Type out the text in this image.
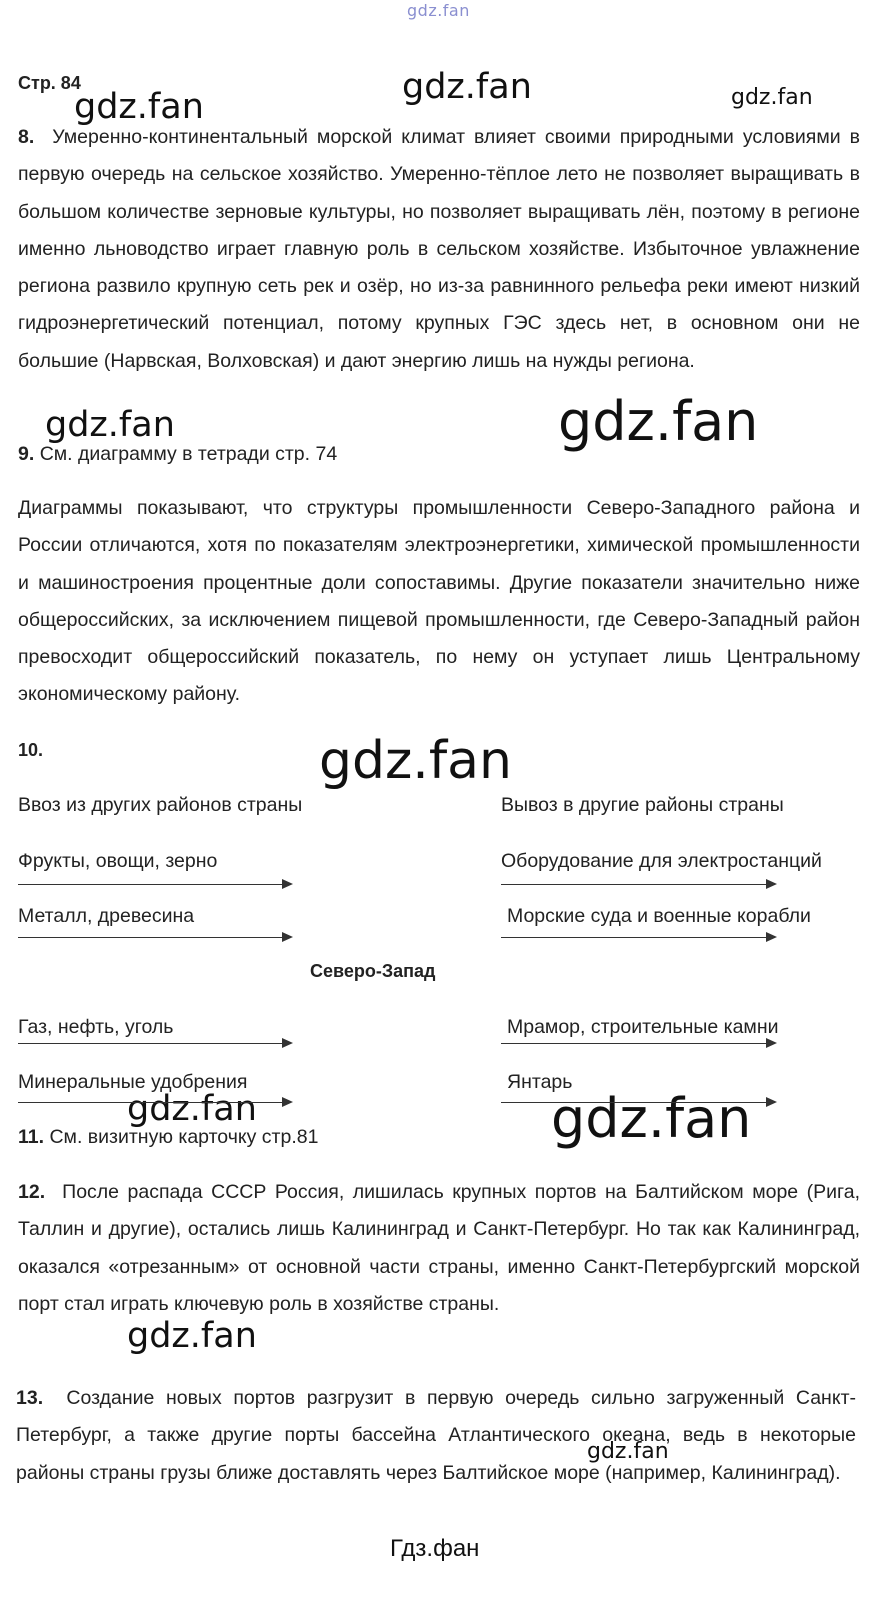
gdz.fan
Стр. 84
gdz.fan	gdz.fan	gdz.fan
gdz.fan	gdz.fan
gdz.fan
gdz.fan	gdz.fan
gdz.fan
gdz.fan
8. Умеренно-континентальный морской климат влияет своими природными условиями в первую очередь на сельское хозяйство. Умеренно-тёплое лето не позволяет выращивать в большом количестве зерновые культуры, но позволяет выращивать лён, поэтому в регионе именно льноводство играет главную роль в сельском хозяйстве. Избыточное увлажнение региона развило крупную сеть рек и озёр, но из-за равнинного рельефа реки имеют низкий гидроэнергетический потенциал, потому крупных ГЭС здесь нет, в основном они не большие (Нарвская, Волховская) и дают энергию лишь на нужды региона.
9. См. диаграмму в тетради стр. 74
Диаграммы показывают, что структуры промышленности Северо-Западного района и России отличаются, хотя по показателям электроэнергетики, химической промышленности и машиностроения процентные доли сопоставимы. Другие показатели значительно ниже общероссийских, за исключением пищевой промышленности, где Северо-Западный район превосходит общероссийский показатель, по нему он уступает лишь Центральному экономическому району.
10.
Ввоз из других районов страны	Вывоз в другие районы страны
Фрукты, овощи, зерно	Оборудование для электростанций
Металл, древесина	Морские суда и военные корабли
Северо-Запад
Газ, нефть, уголь	Мрамор, строительные камни
Минеральные удобрения	Янтарь
11. См. визитную карточку стр.81
12. После распада СССР Россия, лишилась крупных портов на Балтийском море (Рига, Таллин и другие), остались лишь Калининград и Санкт-Петербург. Но так как Калининград, оказался «отрезанным» от основной части страны, именно Санкт-Петербургский морской порт стал играть ключевую роль в хозяйстве страны.
13. Создание новых портов разгрузит в первую очередь сильно загруженный Санкт-Петербург, а также другие порты бассейна Атлантического океана, ведь в некоторые районы страны грузы ближе доставлять через Балтийское море (например, Калининград).
Гдз.фан
